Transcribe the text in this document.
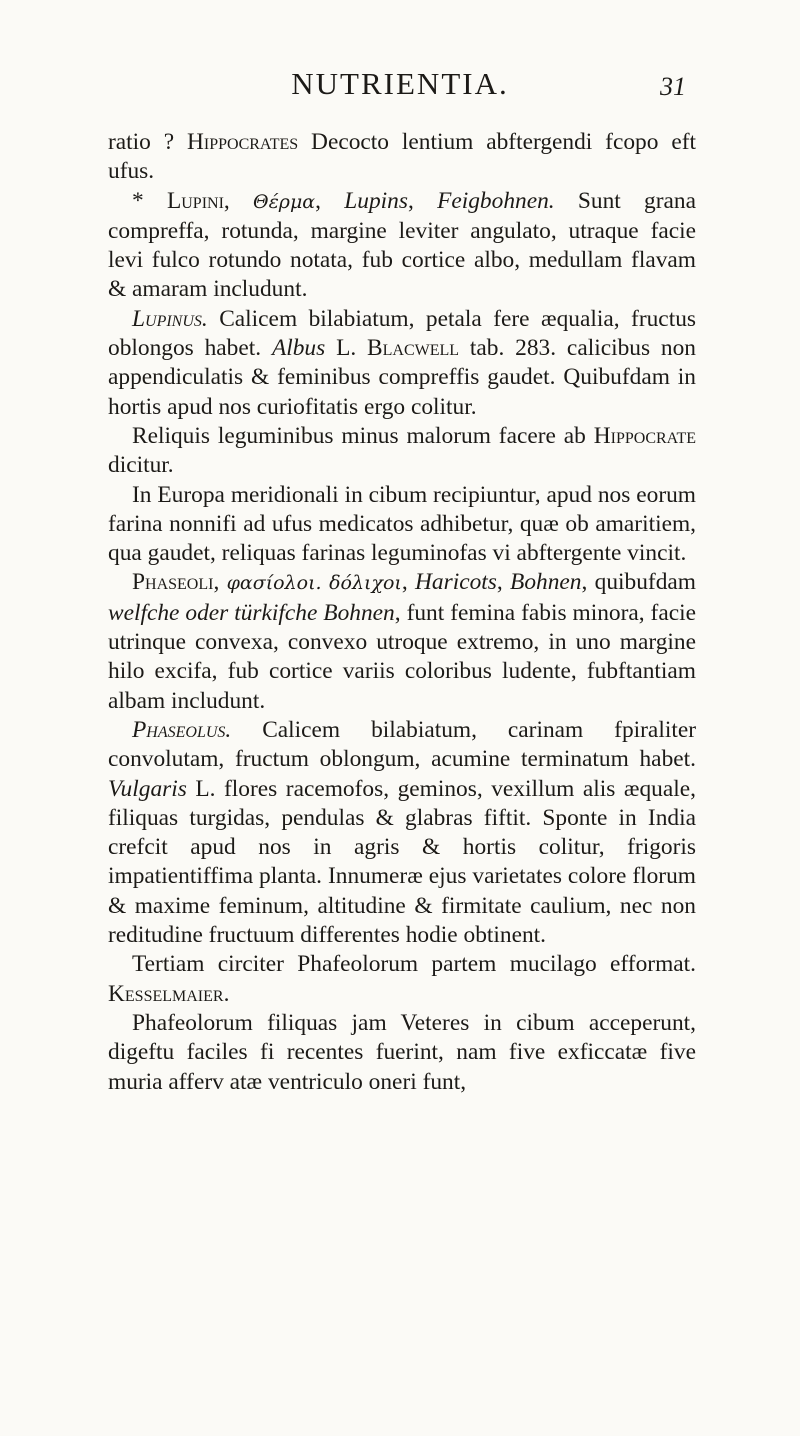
NUTRIENTIA.	31

ratio ? Hippocrates Decocto lentium abftergendi fcopo eft ufus.

* Lupini, Θέρμα, Lupins, Feigbohnen. Sunt grana compreffa, rotunda, margine leviter angulato, utraque facie levi fulco rotundo notata, fub cortice albo, medullam flavam & amaram includunt.

Lupinus. Calicem bilabiatum, petala fere æqualia, fructus oblongos habet. Albus L. Blacwell tab. 283. calicibus non appendiculatis & feminibus compreffis gaudet. Quibufdam in hortis apud nos curiofitatis ergo colitur.

Reliquis leguminibus minus malorum facere ab Hippocrate dicitur.

In Europa meridionali in cibum recipiuntur, apud nos eorum farina nonnifi ad ufus medicatos adhibetur, quæ ob amaritiem, qua gaudet, reliquas farinas leguminofas vi abftergente vincit.

Phaseoli, φασίολοι. δόλιχοι, Haricots, Bohnen, quibufdam welfche oder türkifche Bohnen, funt femina fabis minora, facie utrinque convexa, convexo utroque extremo, in uno margine hilo excifa, fub cortice variis coloribus ludente, fubftantiam albam includunt.

Phaseolus. Calicem bilabiatum, carinam fpiraliter convolutam, fructum oblongum, acumine terminatum habet. Vulgaris L. flores racemofos, geminos, vexillum alis æquale, filiquas turgidas, pendulas & glabras fiftit. Sponte in India crefcit apud nos in agris & hortis colitur, frigoris impatientiffima planta. Innumeræ ejus varietates colore florum & maxime feminum, altitudine & firmitate caulium, nec non reditudine fructuum differentes hodie obtinent.

Tertiam circiter Phafeolorum partem mucilago efformat. Kesselmaier.

Phafeolorum filiquas jam Veteres in cibum acceperunt, digeftu faciles fi recentes fuerint, nam five exficcatæ five muria afferv atæ ventriculo oneri funt,
